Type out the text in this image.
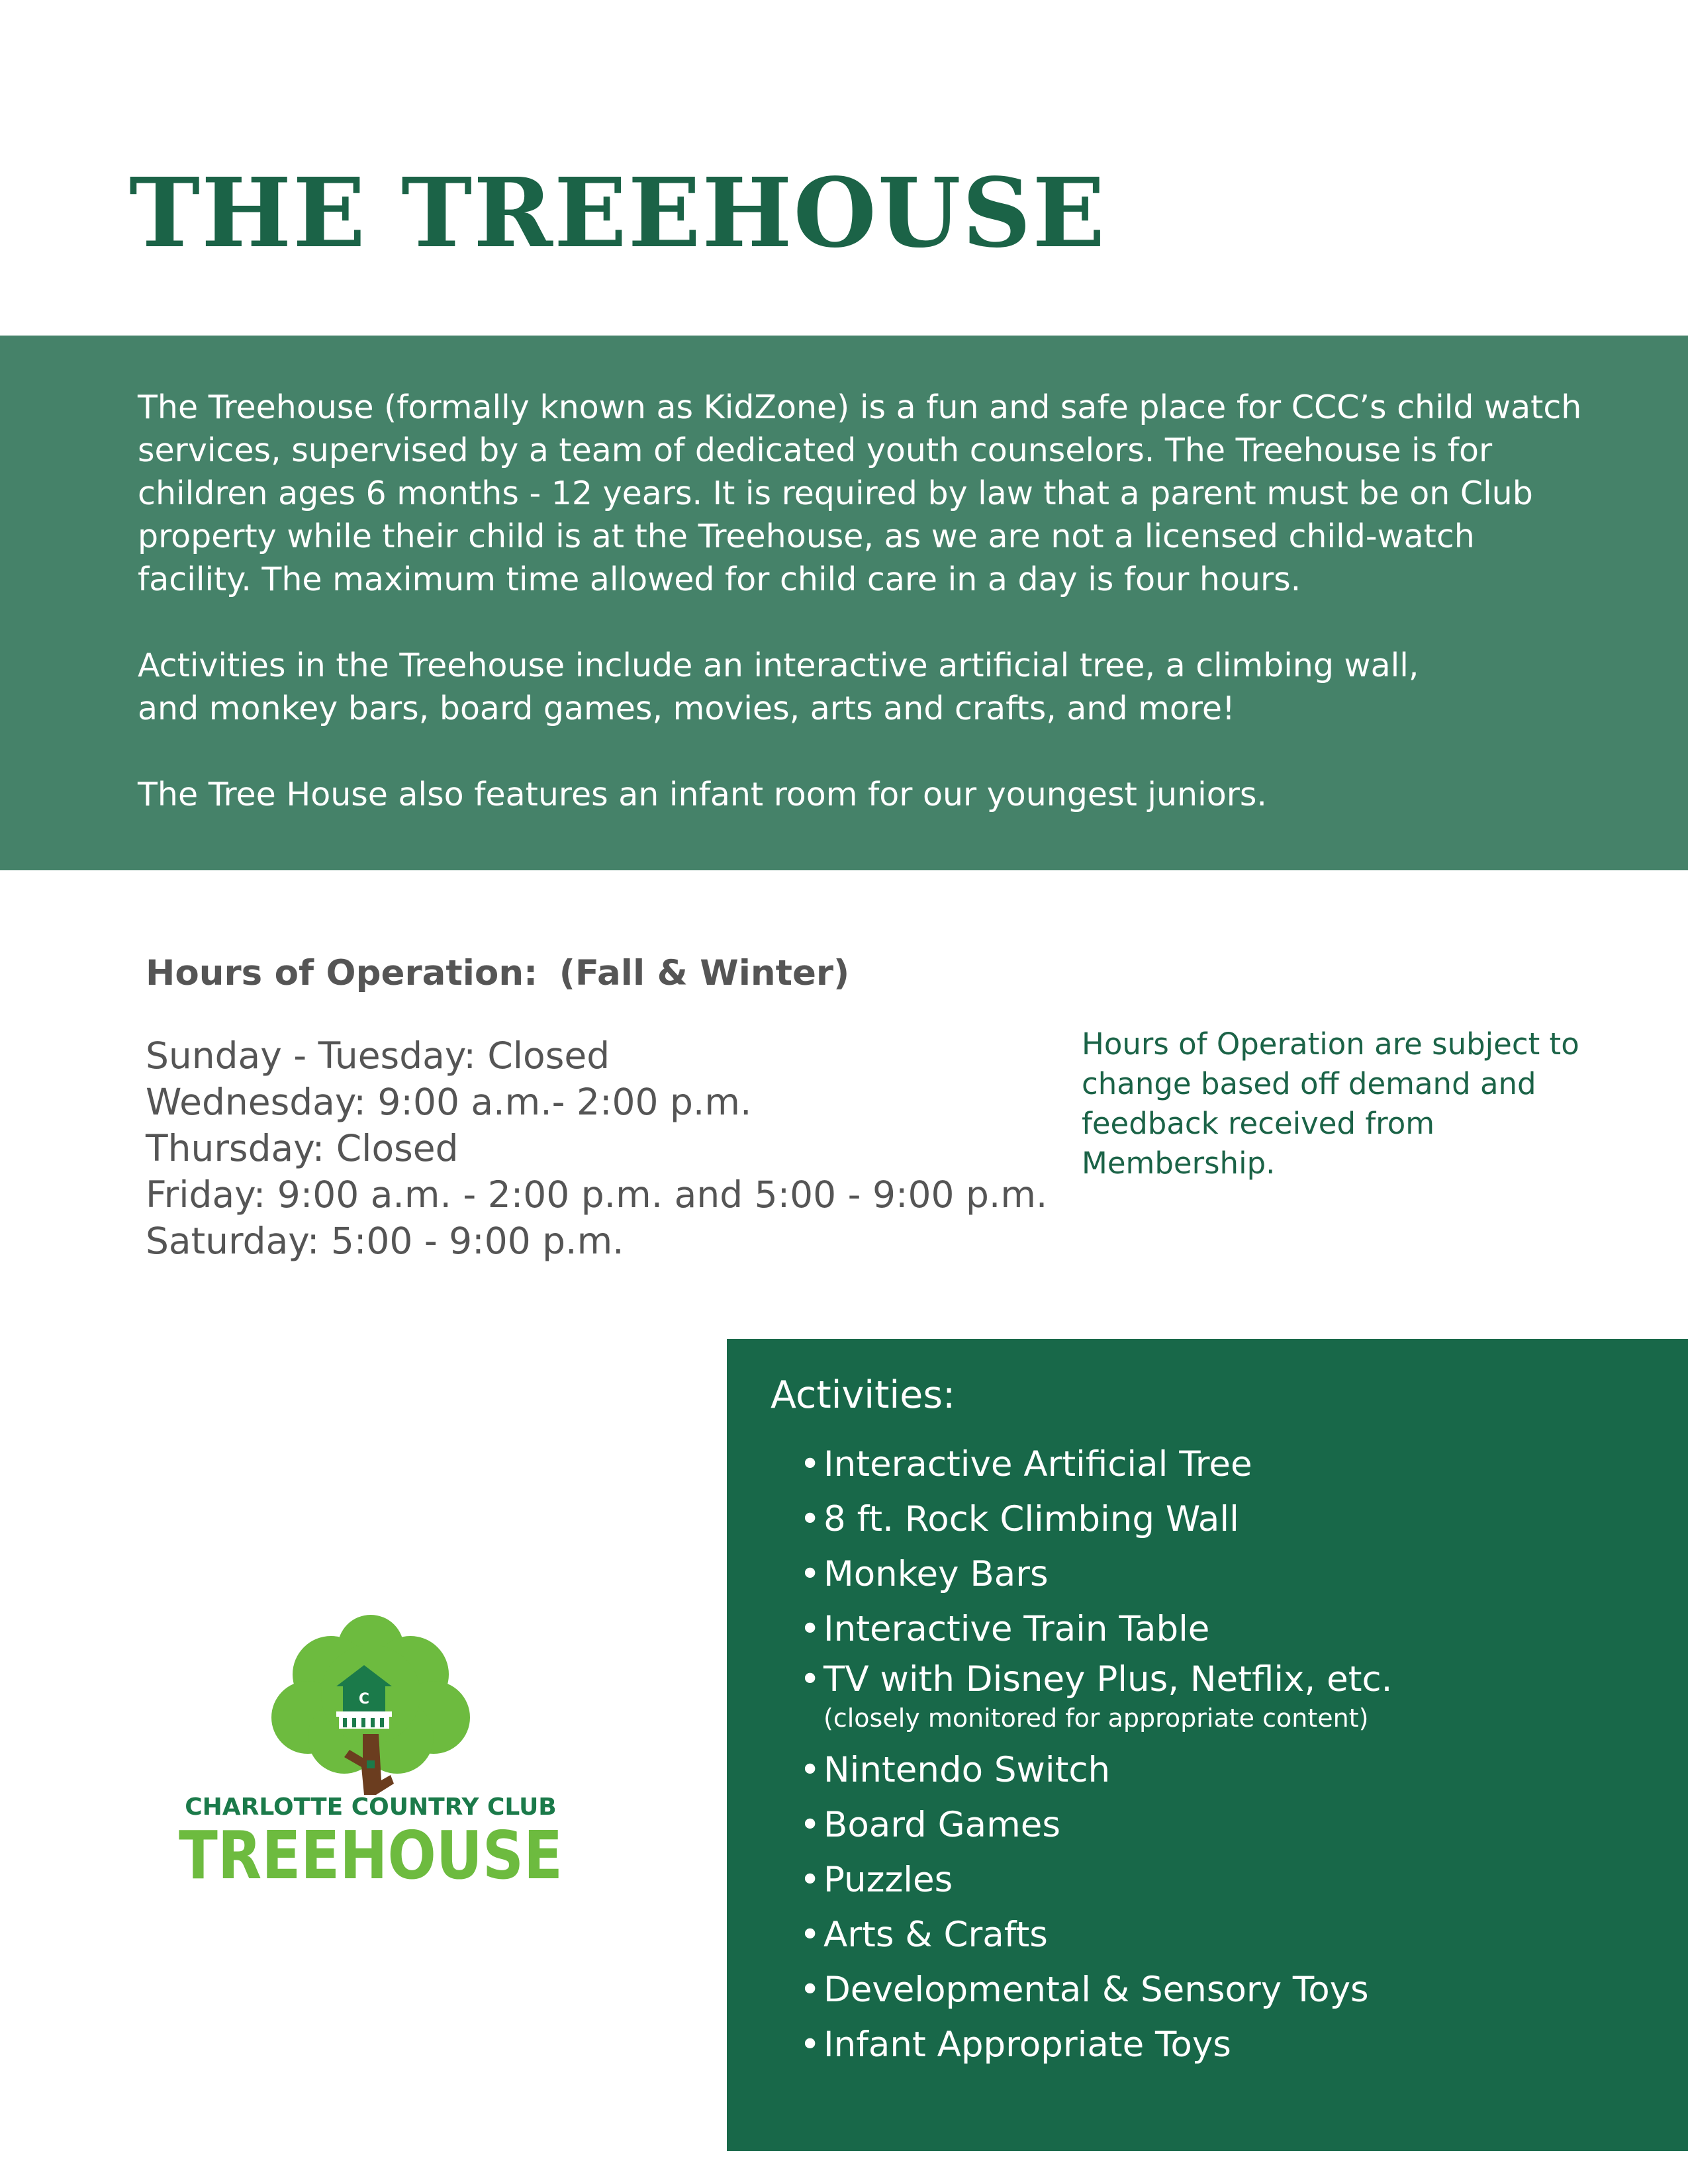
THE TREEHOUSE

The Treehouse (formally known as KidZone) is a fun and safe place for CCC’s child watch
services, supervised by a team of dedicated youth counselors. The Treehouse is for
children ages 6 months - 12 years. It is required by law that a parent must be on Club
property while their child is at the Treehouse, as we are not a licensed child-watch
facility. The maximum time allowed for child care in a day is four hours.

Activities in the Treehouse include an interactive artificial tree, a climbing wall,
and monkey bars, board games, movies, arts and crafts, and more!

The Tree House also features an infant room for our youngest juniors.

Hours of Operation: (Fall & Winter)
Sunday - Tuesday: Closed
Wednesday: 9:00 a.m.- 2:00 p.m.
Thursday: Closed
Friday: 9:00 a.m. - 2:00 p.m. and 5:00 - 9:00 p.m.
Saturday: 5:00 - 9:00 p.m.

Hours of Operation are subject to change based off demand and feedback received from Membership.

C
CHARLOTTE COUNTRY CLUB
TREEHOUSE
Activities:
•Interactive Artificial Tree
•8 ft. Rock Climbing Wall
•Monkey Bars
•Interactive Train Table
•TV with Disney Plus, Netflix, etc.
(closely monitored for appropriate content)
•Nintendo Switch
•Board Games
•Puzzles
•Arts & Crafts
•Developmental & Sensory Toys
•Infant Appropriate Toys
